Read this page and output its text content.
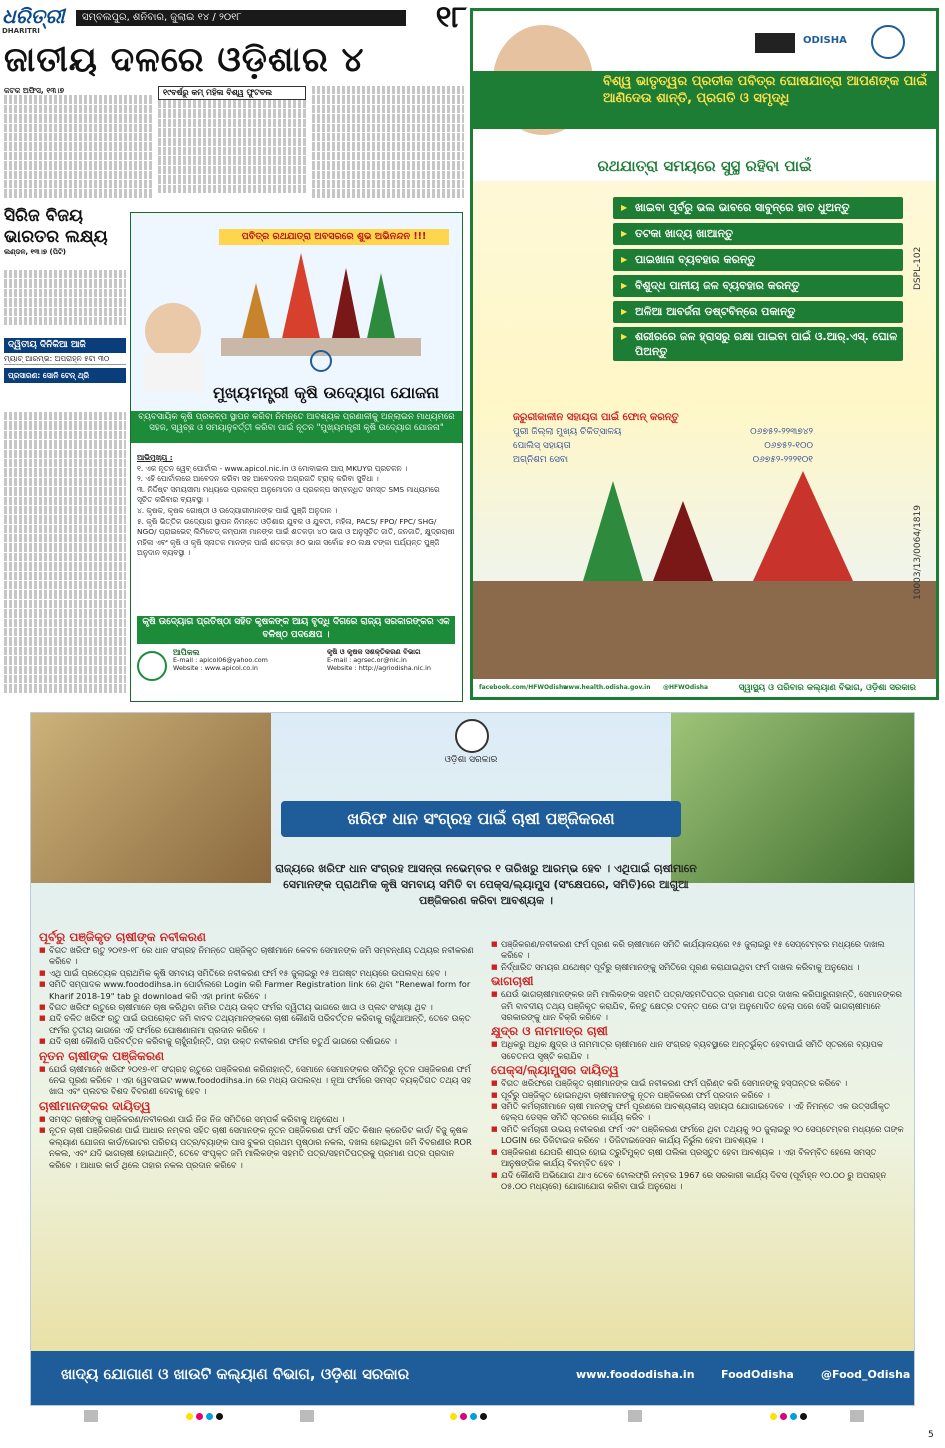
ଧରିତ୍ରୀ
DHARITRI
ସମ୍ବଲପୁର, ଶନିବାର, ଜୁଲାଇ ୧୪ / ୨୦୧୮	୧୮
ଜାତୀୟ ଦଳରେ ଓଡ଼ିଶାର ୪
କଟକ ଅଫିସ, ୧୩।୭	୧୯ବର୍ଷରୁ କମ୍ ମହିଳା ବିଶ୍ୱ ଫୁଟବଲ
ସିରିଜ ବିଜୟ ଭାରତର ଲକ୍ଷ୍ୟ
ଲଣ୍ଡନ, ୧୩।୭ (ପିଟି)
ଦ୍ୱିତୀୟ ଦିନିକିଆ ଆଜି
ମ୍ୟାଚ୍ ଆରମ୍ଭ: ଅପରାହ୍ନ ୫ଟା ୩୦
ପ୍ରସାରଣ: ସୋନି ଟେନ୍ ଥ୍ରି
ପବିତ୍ର ରଥଯାତ୍ରା ଅବସରରେ ଶୁଭ ଅଭିନନ୍ଦନ !!!
ମୁଖ୍ୟମନ୍ତ୍ରୀ କୃଷି ଉଦ୍ୟୋଗ ଯୋଜନା
ବ୍ୟବସାୟିକ କୃଷି ପ୍ରକଳ୍ପ ସ୍ଥାପନ କରିବା ନିମନ୍ତେ ଆବଶ୍ୟକ ପ୍ରଣାଳୀକୁ ଅନ୍‌ଲାଇନ ମାଧ୍ୟମରେ ସହଜ, ସ୍ୱଚ୍ଛ ଓ ସମୟାନୁବର୍ତ୍ତୀ କରିବା ପାଇଁ ନୂତନ "ମୁଖ୍ୟମନ୍ତ୍ରୀ କୃଷି ଉଦ୍ୟୋଗ ଯୋଜନା"
ଆଭିମୁଖ୍ୟ :
୧. ଏକ ନୂତନ ୱେବ୍ ପୋର୍ଟାଲ - www.apicol.nic.in ଓ ମୋବାଇଲ ଆପ୍ MKUYର ପ୍ରଚଳନ ।
୨. ଏହି ପୋର୍ଟାଲରେ ଆବେଦନ କରିବା ସହ ଆବେଦନର ଅଗ୍ରଗତି ଟ୍ରାକ୍ କରିବା ସୁବିଧା ।
୩. ନିର୍ଦ୍ଦିଷ୍ଟ ସମୟସୀମା ମଧ୍ୟରେ ପ୍ରକଳ୍ପ ଅନୁମୋଦନ ଓ ପ୍ରକଳ୍ପ ସମ୍ବନ୍ଧିତ ସମସ୍ତ SMS ମାଧ୍ୟମରେ ସୂଚିତ କରିବାର ବ୍ୟବସ୍ଥା ।
୪. କୃଷକ, କୃଷକ ଗୋଷ୍ଠୀ ଓ ଉଦ୍ୟୋଗୀମାନଙ୍କ ପାଇଁ ପୁଞ୍ଜି ଅନୁଦାନ ।
୫. କୃଷି ଭିତ୍ତିକ ଉଦ୍ୟୋଗ ସ୍ଥାପନ ନିମନ୍ତେ ଓଡ଼ିଶାର ଯୁବକ ଓ ଯୁବତୀ, ମହିଳା, PACS/ FPO/ FPC/ SHG/ NGO/ ପ୍ରାଇଭେଟ୍ ଲିମିଟେଡ୍ କମ୍ପାନୀ ମାନଙ୍କ ପାଇଁ ଶତକଡ଼ା ୪୦ ଭାଗ ଓ ଅନୁସୂଚିତ ଜାତି, ଜନଜାତି, କ୍ଷୁଦ୍ରଚାଷୀ ମହିଳା ଏବଂ କୃଷି ଓ କୃଷି ସ୍ନାତକ ମାନଙ୍କ ପାଇଁ ଶତକଡ଼ା ୫୦ ଭାଗ ସର୍ବୋଚ୍ଚ ୫୦ ଲକ୍ଷ ଟଙ୍କା ପର୍ଯ୍ୟନ୍ତ ପୁଞ୍ଜି ଅନୁଦାନ ବ୍ୟବସ୍ଥା ।
କୃଷି ଉଦ୍ୟୋଗ ପ୍ରତିଷ୍ଠା ସହିତ କୃଷକଙ୍କ ଆୟ ବୃଦ୍ଧି ଦିଗରେ ରାଜ୍ୟ ସରକାରଙ୍କର ଏକ ବଳିଷ୍ଠ ପଦକ୍ଷେପ ।
ଆପିକଲ
E-mail : apicol06@yahoo.com
Website : www.apicol.co.in
କୃଷି ଓ କୃଷକ ସଶକ୍ତିକରଣ ବିଭାଗ
E-mail : agrsec.or@nic.in
Website : http://agriodisha.nic.in
ODISHA
ବିଶ୍ୱ ଭାତୃତ୍ୱର ପ୍ରତୀକ ପବିତ୍ର ଘୋଷଯାତ୍ରା ଆପଣଙ୍କ ପାଇଁ ଆଣିଦେଉ ଶାନ୍ତି, ପ୍ରଗତି ଓ ସମୃଦ୍ଧି
ରଥଯାତ୍ରା ସମୟରେ ସୁସ୍ଥ ରହିବା ପାଇଁ
▶ ଖାଇବା ପୂର୍ବରୁ ଭଲ ଭାବରେ ସାବୁନ୍‌ରେ ହାତ ଧୁଅନ୍ତୁ
▶ ତଟକା ଖାଦ୍ୟ ଖାଆନ୍ତୁ
▶ ପାଇଖାନା ବ୍ୟବହାର କରନ୍ତୁ
▶ ବିଶୁଦ୍ଧ ପାନୀୟ ଜଳ ବ୍ୟବହାର କରନ୍ତୁ
▶ ଅଳିଆ ଆବର୍ଜନା ଡଷ୍ଟବିନ୍‌ରେ ପକାନ୍ତୁ
▶ ଶରୀରରେ ଜଳ ହ୍ରାସରୁ ରକ୍ଷା ପାଇବା ପାଇଁ ଓ.ଆର୍.ଏସ୍. ଘୋଳ ପିଅନ୍ତୁ
ଜରୁରୀକାଳୀନ ସହାୟତା ପାଇଁ ଫୋନ୍ କରନ୍ତୁ
ପୁରୀ ଜିଲ୍ଲା ମୁଖ୍ୟ ଚିକିତ୍ସାଳୟ	୦୬୭୫୨-୨୨୩୭୪୨
ପୋଲିସ୍ ସହାୟତା	୦୬୭୫୨-୧୦୦
ଅଗ୍ନିଶମ ସେବା	୦୬୭୫୨-୨୨୨୧୦୧
facebook.com/HFWOdisha
www.health.odisha.gov.in @HFWOdisha	ସ୍ୱାସ୍ଥ୍ୟ ଓ ପରିବାର କଲ୍ୟାଣ ବିଭାଗ, ଓଡ଼ିଶା ସରକାର
DSPL-102
10003/13/0064/1819
ଓଡ଼ିଶା ସରକାର
ଖରିଫ ଧାନ ସଂଗ୍ରହ ପାଇଁ ଚାଷୀ ପଞ୍ଜିକରଣ
ରାଜ୍ୟରେ ଖରିଫ ଧାନ ସଂଗ୍ରହ ଆସନ୍ତା ନଭେମ୍ବର ୧ ତାରିଖରୁ ଆରମ୍ଭ ହେବ । ଏଥିପାଇଁ ଚାଷୀମାନେ ସେମାନଙ୍କ ପ୍ରାଥମିକ କୃଷି ସମବାୟ ସମିତି ବା ପେକ୍ସ/ଲ୍ୟାମ୍ପ୍ସ (ସଂକ୍ଷେପରେ, ସମିତି)ରେ ଆଗୁଆ ପଞ୍ଜିକରଣ କରିବା ଆବଶ୍ୟକ ।
ପୂର୍ବରୁ ପଞ୍ଜିକୃତ ଚାଷୀଙ୍କ ନବୀକରଣ
■ ବିଗତ ଖରିଫ ଋତୁ ୨୦୧୭-୧୮ ରେ ଧାନ ସଂଗ୍ରହ ନିମନ୍ତେ ପଞ୍ଜିକୃତ ଚାଷୀମାନେ କେବଳ ସେମାନଙ୍କ ଜମି ସମ୍ବନ୍ଧୀୟ ତଥ୍ୟର ନବୀକରଣ କରିବେ ।
■ ଏଥି ପାଇଁ ପ୍ରତ୍ୟେକ ପ୍ରାଥମିକ କୃଷି ସମବାୟ ସମିତିରେ ନବୀକରଣ ଫର୍ମ ୧୫ ଜୁଲାଇରୁ ୧୫ ଅଗଷ୍ଟ ମଧ୍ୟରେ ଉପଲବ୍ଧ ହେବ ।
■ ସମିତି ସମ୍ପାଦକ www.foododihsa.in ପୋର୍ଟାଲରେ Login କରି Farmer Registration link ରେ ଥିବା "Renewal form for Kharif 2018-19" tab ରୁ download କରି ଏହା print କରିବେ ।
■ ବିଗତ ଖରିଫ ଋତୁରେ ଚାଷୀମାନେ ଚାଷ କରିଥିବା ଜମିର ତଥ୍ୟ ଉକ୍ତ ଫର୍ମର ଦ୍ୱିତୀୟ ଭାଗରେ ଖାତା ଓ ପ୍ଲଟ ସଂଖ୍ୟା ଥିବ ।
■ ଯଦି ଚଳିତ ଖରିଫ ଋତୁ ପାଇଁ ଉପରୋକ୍ତ ଜମି ବାବଦ ତଥ୍ୟମାନଙ୍କରେ ଚାଷୀ କୌଣସି ପରିବର୍ତ୍ତନ କରିବାକୁ ଚାହୁଁଥାଆନ୍ତି, ତେବେ ଉକ୍ତ ଫର୍ମର ତୃତୀୟ ଭାଗରେ ଏହି ଫର୍ମରେ ଘୋଷଣାନାମା ପ୍ରଦାନ କରିବେ ।
■ ଯଦି ଚାଷୀ କୌଣସି ପରିବର୍ତ୍ତନ କରିବାକୁ ଚାହୁଁନାହାଁନ୍ତି, ତାହା ଉକ୍ତ ନବୀକରଣ ଫର୍ମର ଚତୁର୍ଥ ଭାଗରେ ଦର୍ଶାଇବେ ।
ନୂତନ ଚାଷୀଙ୍କ ପଞ୍ଜିକରଣ
■ ଯେଉଁ ଚାଷୀମାନେ ଖରିଫ ୨୦୧୭-୧୮ ସଂଗ୍ରହ ଋତୁରେ ପଞ୍ଜିକରଣ କରିନାହାନ୍ତି, ସେମାନେ ସେମାନଙ୍କର ସମିତିରୁ ନୂତନ ପଞ୍ଜିକରଣ ଫର୍ମ ନେଇ ପୂରଣ କରିବେ । ଏହା ୱେବସାଇଟ www.foododihsa.in ରେ ମଧ୍ୟ ଉପଲବ୍ଧ । ନୂଆ ଫର୍ମରେ ସମସ୍ତ ବ୍ୟକ୍ତିଗତ ତଥ୍ୟ ସହ ଖାତା ଏବଂ ପ୍ଲଟର ବିଶଦ ବିବରଣୀ ଦେବାକୁ ହେବ ।
ଚାଷୀମାନଙ୍କର ଦାୟିତ୍ୱ
■ ସମସ୍ତ ଚାଷୀଙ୍କୁ ପଞ୍ଜିକରଣ/ନବୀକରଣ ପାଇଁ ନିଜ ନିଜ ସମିତିରେ ସମ୍ପର୍କ କରିବାକୁ ଅନୁରୋଧ ।
■ ନୂତନ ଚାଷୀ ପଞ୍ଜିକରଣ ପାଇଁ ଆଧାର ନମ୍ବର ସହିତ ଚାଷୀ ସେମାନଙ୍କ ନୂତନ ପଞ୍ଜିକରଣ ଫର୍ମ ସହିତ କିଷାନ କ୍ରେଡିଟ କାର୍ଡ/ ବିଜୁ କୃଷକ କଲ୍ୟାଣ ଯୋଜନା କାର୍ଡ/ଭୋଟର ପରିଚୟ ପତ୍ର/ବ୍ୟାଙ୍କ ପାସ ବୁକର ପ୍ରଥମ ପୃଷ୍ଠାର ନକଲ, ଦଖଲ ହୋଇଥିବା ଜମି ବିବରଣୀର ROR ନକଲ, ଏବଂ ଯଦି ଭାଗଚାଷୀ ହୋଇଥାନ୍ତି, ତେବେ ସଂପୃକ୍ତ ଜମି ମାଲିକଙ୍କ ସହମତି ପତ୍ର/ସହମତିପତ୍ରକୁ ପ୍ରମାଣ ପତ୍ର ପ୍ରଦାନ କରିବେ । ଆଧାର କାର୍ଡ ଥିଲେ ତାହାର ନକଲ ପ୍ରଦାନ କରିବେ ।
■ ପଞ୍ଜିକରଣ/ନବୀକରଣ ଫର୍ମ ପୂରଣ କରି ଚାଷୀମାନେ ସମିତି କାର୍ଯ୍ୟାଳୟରେ ୧୫ ଜୁଲାଇରୁ ୧୫ ସେପ୍ଟେମ୍ବର ମଧ୍ୟରେ ଦାଖଲ କରିବେ ।
■ ନିର୍ଦ୍ଧାରିତ ସମୟର ଯଥେଷ୍ଟ ପୂର୍ବରୁ ଚାଷୀମାନଙ୍କୁ ସମିତିରେ ପୂରଣ କରାଯାଇଥିବା ଫର୍ମ ଦାଖଲ କରିବାକୁ ଅନୁରୋଧ ।
ଭାଗଚାଷୀ
■ ଯେଉଁ ଭାଗଚାଷୀମାନଙ୍କର ଜମି ମାଲିକଙ୍କ ସହମତି ପତ୍ର/ସହମତିପତ୍ର ପ୍ରମାଣ ପତ୍ର ଦାଖଲ କରିପାରୁନାହାନ୍ତି, ସେମାନଙ୍କର ଜମି ବାବଦୀୟ ତଥ୍ୟ ପଞ୍ଜିକୃତ କରାଯିବ, କିନ୍ତୁ କ୍ଷେତ୍ର ତଦନ୍ତ ପରେ ତା'ହା ଅନୁମୋଦିତ ହେଲା ପରେ ସେହି ଭାଗଚାଷୀମାନେ ସରକାରଙ୍କୁ ଧାନ ବିକ୍ରି କରିବେ ।
କ୍ଷୁଦ୍ର ଓ ନାମମାତ୍ର ଚାଷୀ
■ ଅଧିକରୁ ଅଧିକ କ୍ଷୁଦ୍ର ଓ ନାମମାତ୍ର ଚାଷୀମାନେ ଧାନ ସଂଗ୍ରହ ବ୍ୟବସ୍ଥାରେ ଅନ୍ତର୍ଭୁକ୍ତ ହେବାପାଇଁ ସମିତି ସ୍ତରରେ ବ୍ୟାପକ ସଚେତନତା ସୃଷ୍ଟି କରାଯିବ ।
ପେକ୍ସ/ଲ୍ୟାମ୍ପ୍ସର ଦାୟିତ୍ୱ
■ ବିଗତ ଖରିଫରେ ପଞ୍ଜିକୃତ ଚାଷୀମାନଙ୍କ ପାଇଁ ନବୀକରଣ ଫର୍ମ ପ୍ରିଣ୍ଟ କରି ସେମାନଙ୍କୁ ହସ୍ତାନ୍ତର କରିବେ ।
■ ପୂର୍ବରୁ ପଞ୍ଜିକୃତ ହୋଇନଥିବା ଚାଷୀମାନଙ୍କୁ ନୂତନ ପଞ୍ଜିକରଣ ଫର୍ମ ପ୍ରଦାନ କରିବେ ।
■ ସମିତି କର୍ମଚାରୀମାନେ ଚାଷୀ ମାନଙ୍କୁ ଫର୍ମ ପୂରଣରେ ଆବଶ୍ୟକୀୟ ସହାୟତା ଯୋଗାଇଦେବେ । ଏହି ନିମନ୍ତେ ଏକ ଉତ୍ସର୍ଗୀକୃତ ହେଲ୍ପ ଡେସ୍କ ସମିତି ସ୍ତରରେ କାର୍ଯ୍ୟ କରିବ ।
■ ସମିତି କର୍ମଚାରୀ ଉଭୟ ନବୀକରଣ ଫର୍ମ ଏବଂ ପଞ୍ଜିକରଣ ଫର୍ମରେ ଥିବା ତଥ୍ୟକୁ ୨୦ ଜୁଲାଇରୁ ୨୦ ସେପ୍ଟେମ୍ବର ମଧ୍ୟରେ ତାଙ୍କ LOGIN ରେ ଡିଜିଟାଇଜ କରିବେ । ଡିଜିଟାଇଜେସନ କାର୍ଯ୍ୟ ନିର୍ଭୁଲ ହେବା ଆବଶ୍ୟକ ।
■ ପଞ୍ଜିକରଣ ଯେପରି ଶୀଘ୍ର ହୋଇ ତ୍ରୁଟିମୁକ୍ତ ଚାଷୀ ତାଲିକା ପ୍ରସ୍ତୁତ ହେବା ଆବଶ୍ୟକ । ଏହା ବିଳମ୍ବିତ ହେଲେ ସମସ୍ତ ଆନୁଷଙ୍ଗିକ କାର୍ଯ୍ୟ ବିଳମ୍ବିତ ହେବ ।
■ ଯଦି କୌଣସି ଅଭିଯୋଗ ଥାଏ ତେବେ ଟୋଲଫ୍ରି ନମ୍ବର 1967 ରେ ସରକାରୀ କାର୍ଯ୍ୟ ଦିବସ (ପୂର୍ବାହ୍ନ ୧୦.୦୦ ରୁ ଅପରାହ୍ନ ୦୫.୦୦ ମଧ୍ୟରେ) ଯୋଗାଯୋଗ କରିବା ପାଇଁ ଅନୁରୋଧ ।
ଖାଦ୍ୟ ଯୋଗାଣ ଓ ଖାଉଟି କଲ୍ୟାଣ ବିଭାଗ, ଓଡ଼ିଶା ସରକାର	www.foododisha.in FoodOdisha @Food_Odisha
5
